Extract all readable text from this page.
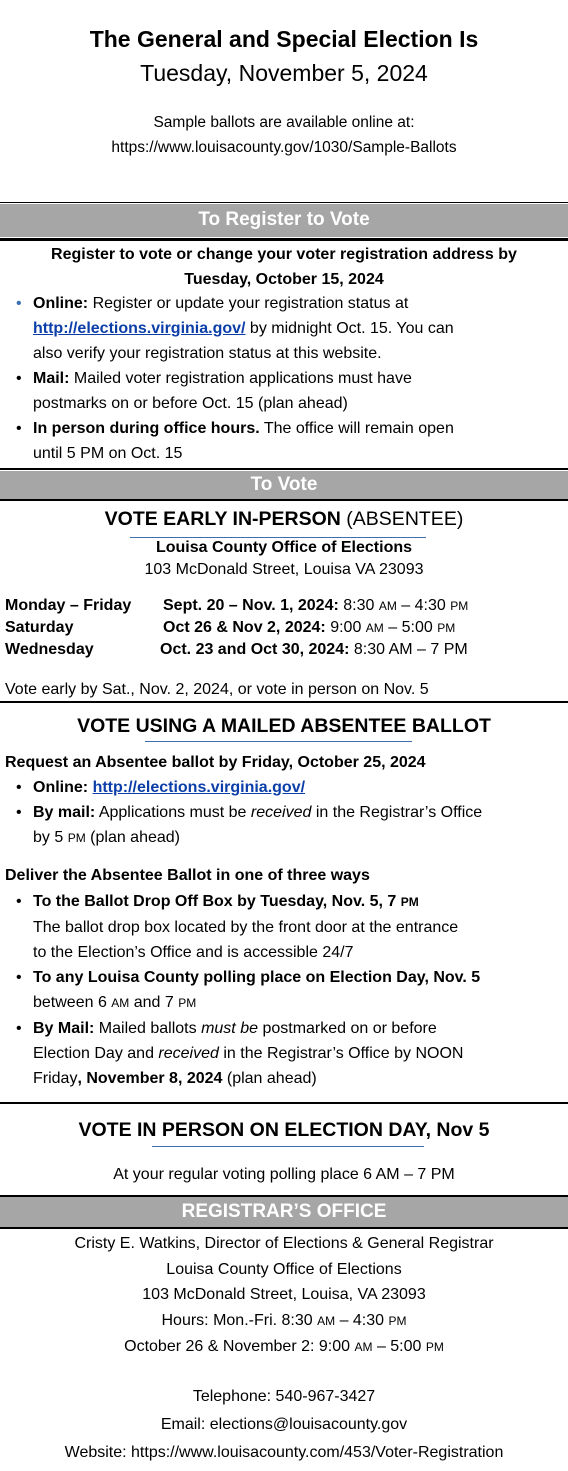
The General and Special Election Is
Tuesday, November 5, 2024
Sample ballots are available online at:
https://www.louisacounty.gov/1030/Sample-Ballots
To Register to Vote
Register to vote or change your voter registration address by
Tuesday, October 15, 2024
• Online: Register or update your registration status at
http://elections.virginia.gov/ by midnight Oct. 15. You can
also verify your registration status at this website.
• Mail: Mailed voter registration applications must have
postmarks on or before Oct. 15 (plan ahead)
• In person during office hours. The office will remain open
until 5 PM on Oct. 15
To Vote
VOTE EARLY IN-PERSON (ABSENTEE)
Louisa County Office of Elections
103 McDonald Street, Louisa VA 23093
Monday – Friday Sept. 20 – Nov. 1, 2024: 8:30 AM – 4:30 PM
Saturday	Oct 26 & Nov 2, 2024: 9:00 AM – 5:00 PM
Wednesday	Oct. 23 and Oct 30, 2024: 8:30 AM – 7 PM
Vote early by Sat., Nov. 2, 2024, or vote in person on Nov. 5
VOTE USING A MAILED ABSENTEE BALLOT
Request an Absentee ballot by Friday, October 25, 2024
• Online: http://elections.virginia.gov/
• By mail: Applications must be received in the Registrar’s Office
by 5 PM (plan ahead)
Deliver the Absentee Ballot in one of three ways
• To the Ballot Drop Off Box by Tuesday, Nov. 5, 7 PM
The ballot drop box located by the front door at the entrance
to the Election’s Office and is accessible 24/7
• To any Louisa County polling place on Election Day, Nov. 5
between 6 AM and 7 PM
• By Mail: Mailed ballots must be postmarked on or before
Election Day and received in the Registrar’s Office by NOON
Friday, November 8, 2024 (plan ahead)
VOTE IN PERSON ON ELECTION DAY, Nov 5
At your regular voting polling place 6 AM – 7 PM
REGISTRAR’S OFFICE
Cristy E. Watkins, Director of Elections & General Registrar
Louisa County Office of Elections
103 McDonald Street, Louisa, VA 23093
Hours: Mon.-Fri. 8:30 AM – 4:30 PM
October 26 & November 2: 9:00 AM – 5:00 PM
Telephone: 540-967-3427
Email: elections@louisacounty.gov
Website: https://www.louisacounty.com/453/Voter-Registration
